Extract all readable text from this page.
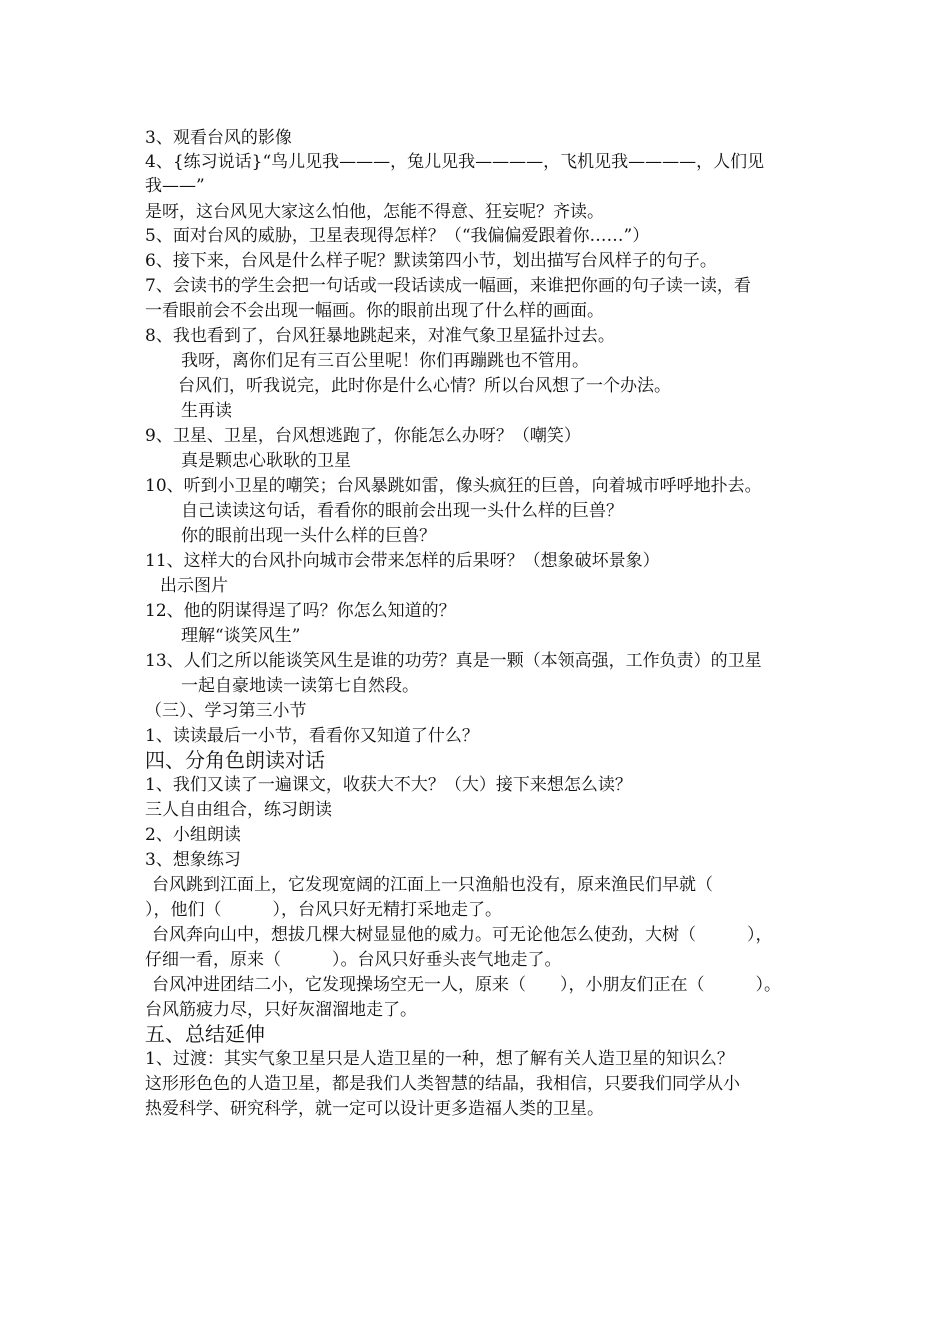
3、观看台风的影像
4、{练习说话}“鸟儿见我———，兔儿见我————，飞机见我————，人们见
我——”
是呀，这台风见大家这么怕他，怎能不得意、狂妄呢？齐读。
5、面对台风的威胁，卫星表现得怎样？（“我偏偏爱跟着你……”）
6、接下来，台风是什么样子呢？默读第四小节，划出描写台风样子的句子。
7、会读书的学生会把一句话或一段话读成一幅画，来谁把你画的句子读一读，看
一看眼前会不会出现一幅画。你的眼前出现了什么样的画面。
8、我也看到了，台风狂暴地跳起来，对准气象卫星猛扑过去。
我呀，离你们足有三百公里呢！你们再蹦跳也不管用。
台风们，听我说完，此时你是什么心情？所以台风想了一个办法。
生再读
9、卫星、卫星，台风想逃跑了，你能怎么办呀？（嘲笑）
真是颗忠心耿耿的卫星
10、听到小卫星的嘲笑；台风暴跳如雷，像头疯狂的巨兽，向着城市呼呼地扑去。
自己读读这句话，看看你的眼前会出现一头什么样的巨兽？
你的眼前出现一头什么样的巨兽？
11、这样大的台风扑向城市会带来怎样的后果呀？（想象破坏景象）
出示图片
12、他的阴谋得逞了吗？你怎么知道的？
理解“谈笑风生”
13、人们之所以能谈笑风生是谁的功劳？真是一颗（本领高强，工作负责）的卫星
一起自豪地读一读第七自然段。
（三）、学习第三小节
1、读读最后一小节，看看你又知道了什么？
四、分角色朗读对话
1、我们又读了一遍课文，收获大不大？（大）接下来想怎么读？
三人自由组合，练习朗读
2、小组朗读
3、想象练习
台风跳到江面上，它发现宽阔的江面上一只渔船也没有，原来渔民们早就（
），他们（　　　），台风只好无精打采地走了。
台风奔向山中，想拔几棵大树显显他的威力。可无论他怎么使劲，大树（　　　），
仔细一看，原来（　　　）。台风只好垂头丧气地走了。
台风冲进团结二小，它发现操场空无一人，原来（　　），小朋友们正在（　　　）。
台风筋疲力尽，只好灰溜溜地走了。
五、总结延伸
1、过渡：其实气象卫星只是人造卫星的一种，想了解有关人造卫星的知识么？
这形形色色的人造卫星，都是我们人类智慧的结晶，我相信，只要我们同学从小
热爱科学、研究科学，就一定可以设计更多造福人类的卫星。
